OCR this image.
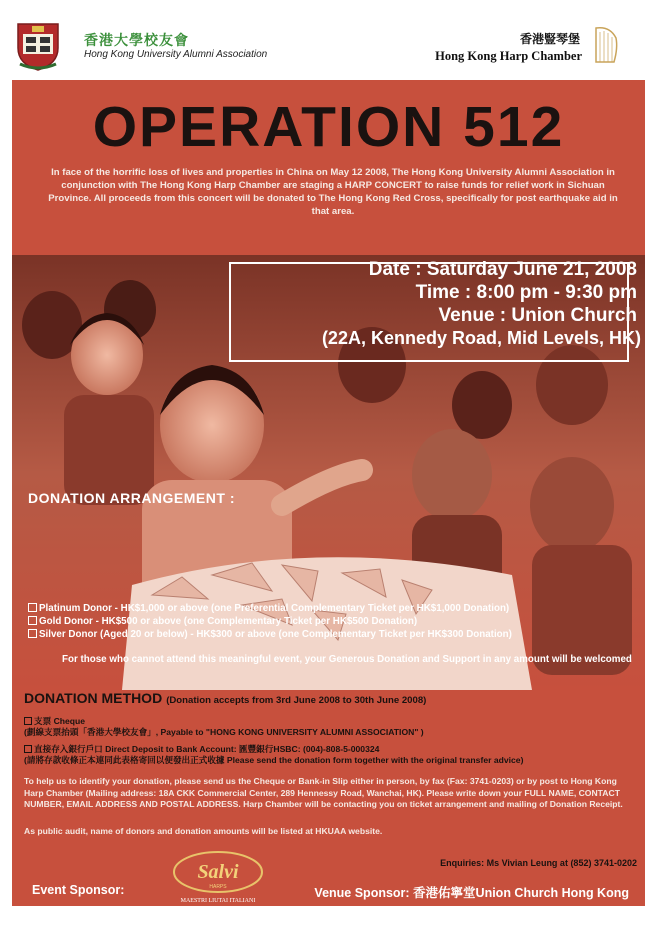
香港大學校友會
Hong Kong University Alumni Association
香港豎琴堡
Hong Kong Harp Chamber
OPERATION 512
In face of the horrific loss of lives and properties in China on May 12 2008, The Hong Kong University Alumni Association in conjunction with The Hong Kong Harp Chamber are staging a HARP CONCERT to raise funds for relief work in Sichuan Province. All proceeds from this concert will be donated to The Hong Kong Red Cross, specifically for post earthquake aid in that area.
Date : Saturday June 21, 2008
Time : 8:00 pm - 9:30 pm
Venue : Union Church
(22A, Kennedy Road, Mid Levels, HK)
DONATION ARRANGEMENT :
Platinum Donor - HK$1,000 or above (one Preferential Complementary Ticket per HK$1,000 Donation)
Gold Donor - HK$500 or above (one Complementary Ticket per HK$500 Donation)
Silver Donor (Aged 20 or below) - HK$300 or above (one Complementary Ticket per HK$300 Donation)
For those who cannot attend this meaningful event, your Generous Donation and Support in any amount will be welcomed
DONATION METHOD (Donation accepts from 3rd June 2008 to 30th June 2008)
支票 Cheque
(劃線支票抬頭「香港大學校友會」, Payable to "HONG KONG UNIVERSITY ALUMNI ASSOCIATION" )
直接存入銀行戶口 Direct Deposit to Bank Account: 匯豐銀行HSBC: (004)-808-5-000324
(請將存款收條正本連同此表格寄回以便發出正式收據 Please send the donation form together with the original transfer advice)
To help us to identify your donation, please send us the Cheque or Bank-in Slip either in person, by fax (Fax: 3741-0203) or by post to Hong Kong Harp Chamber (Mailing address: 18A CKK Commercial Center, 289 Hennessy Road, Wanchai, HK). Please write down your FULL NAME, CONTACT NUMBER, EMAIL ADDRESS AND POSTAL ADDRESS. Harp Chamber will be contacting you on ticket arrangement and mailing of Donation Receipt.
As public audit, name of donors and donation amounts will be listed at HKUAA website.
Enquiries: Ms Vivian Leung at (852) 3741-0202
Event Sponsor:
Salvi
HARPS
MAESTRI LIUTAI ITALIANI
Venue Sponsor: 香港佑寧堂Union Church Hong Kong
